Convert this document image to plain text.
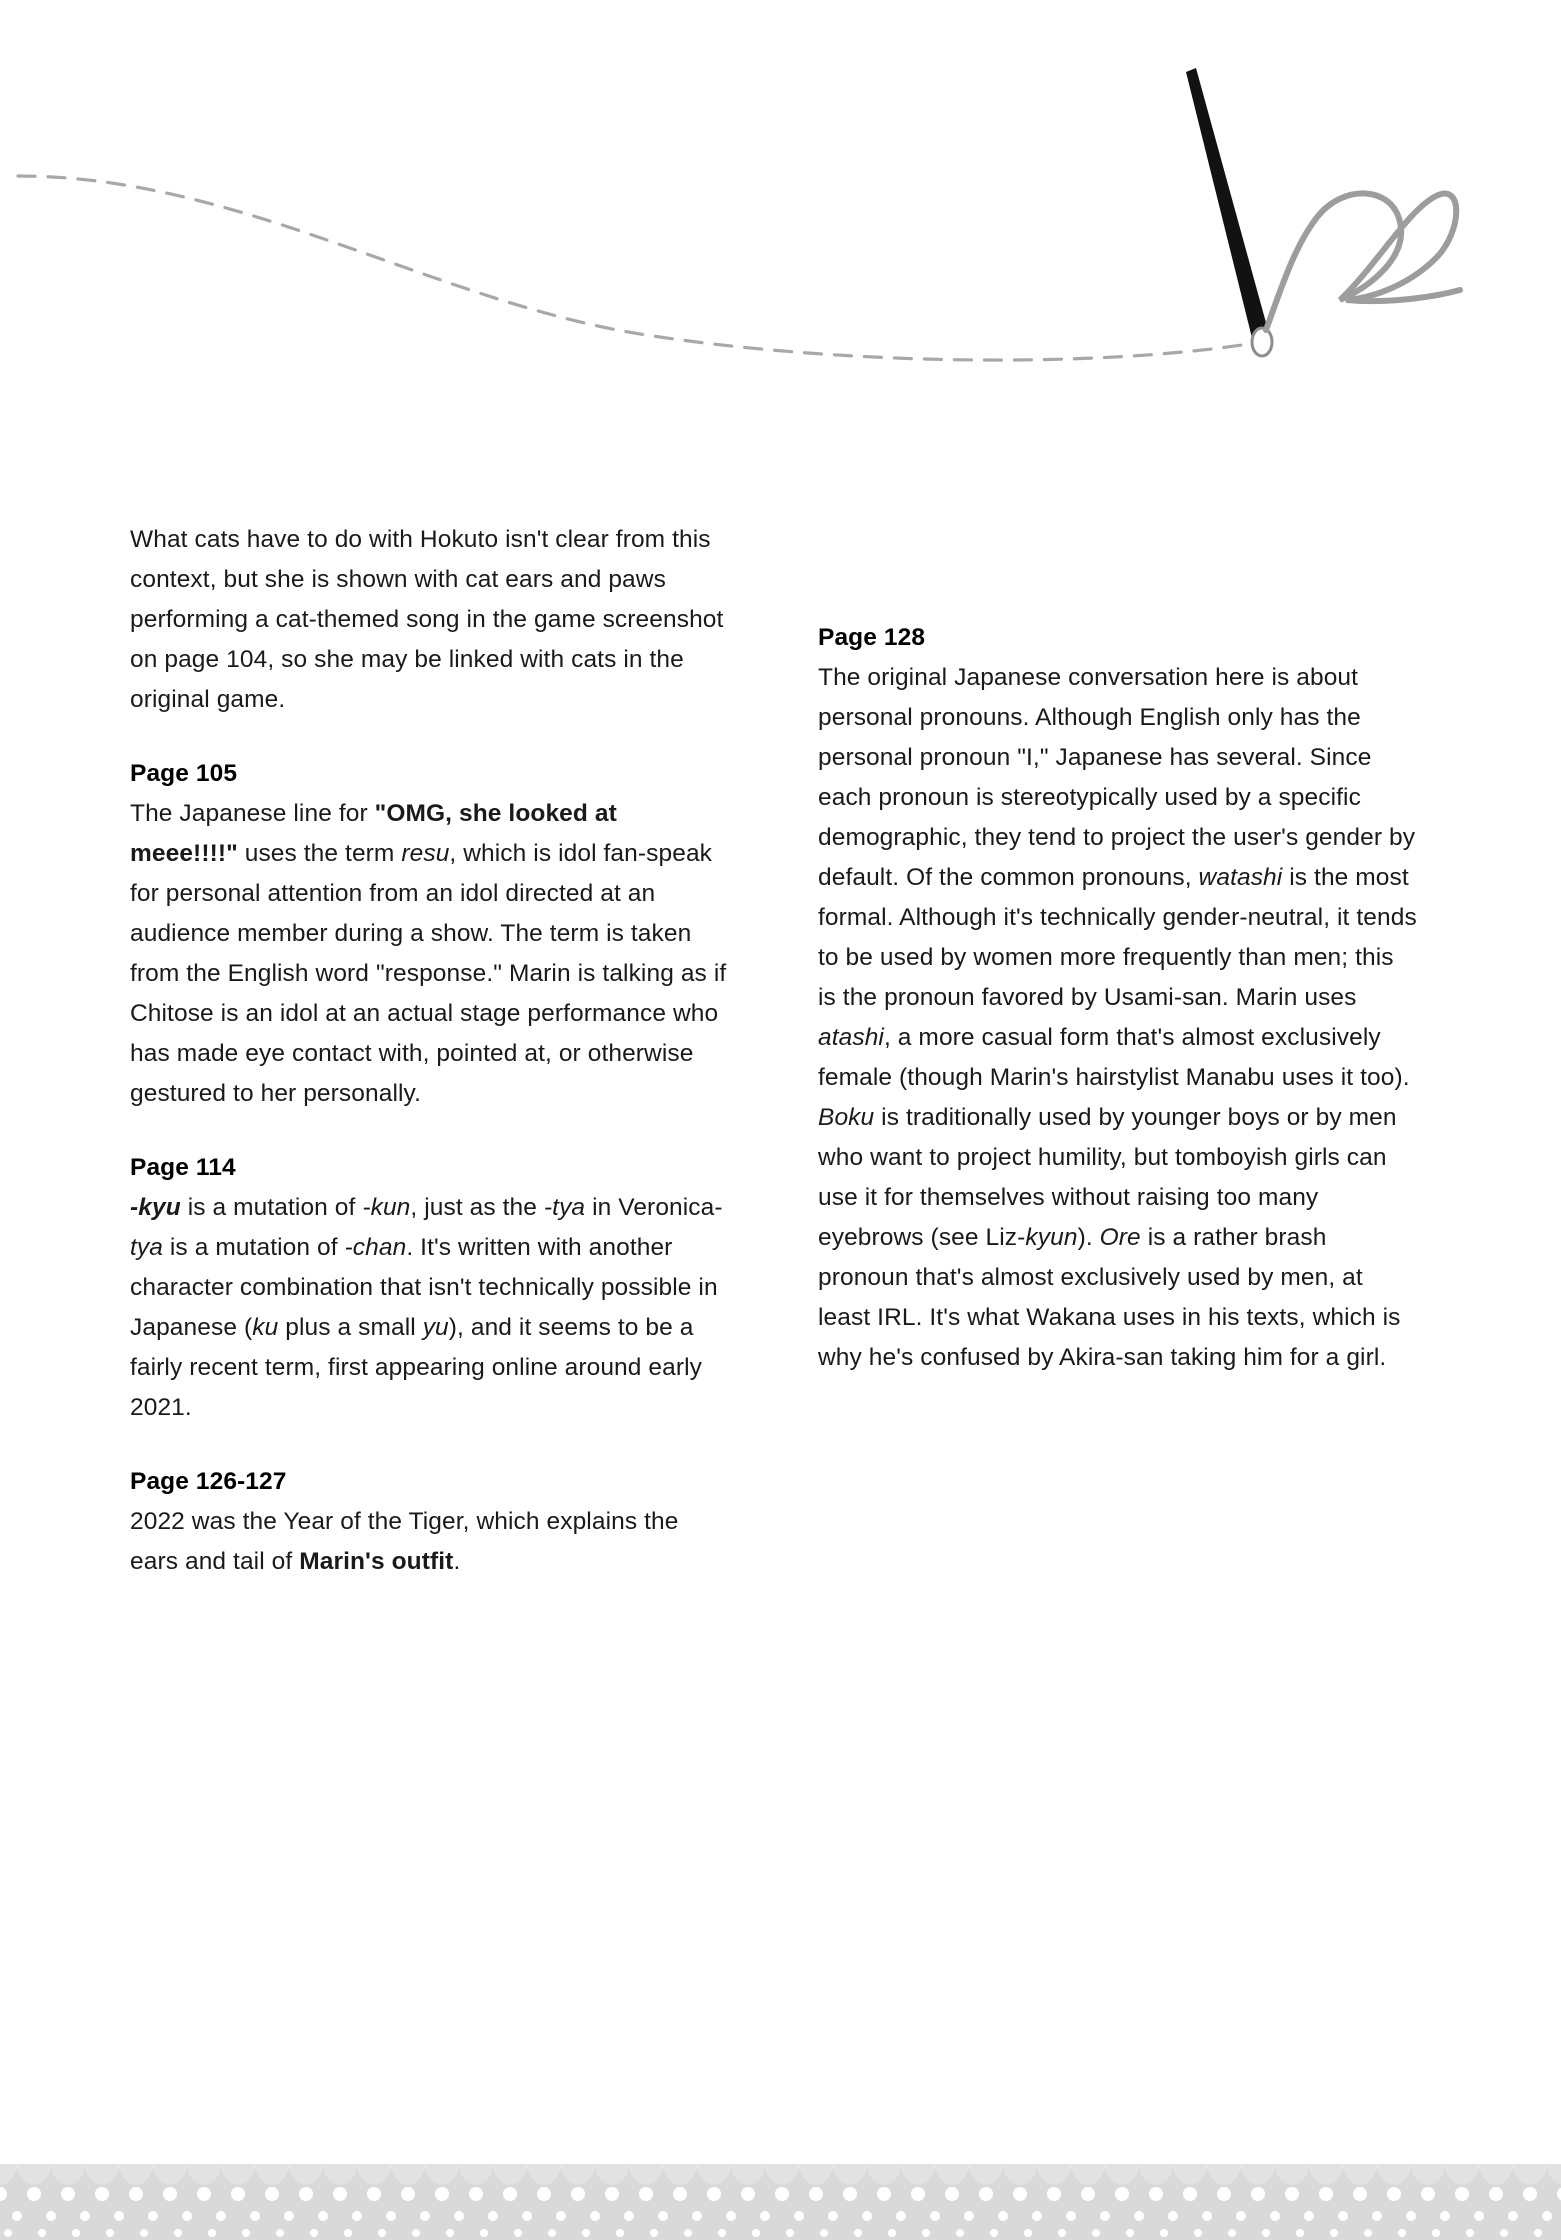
What cats have to do with Hokuto isn't clear from this context, but she is shown with cat ears and paws performing a cat-themed song in the game screenshot on page 104, so she may be linked with cats in the original game.

Page 105

The Japanese line for "OMG, she looked at meee!!!!" uses the term resu, which is idol fan-speak for personal attention from an idol directed at an audience member during a show. The term is taken from the English word "response." Marin is talking as if Chitose is an idol at an actual stage performance who has made eye contact with, pointed at, or otherwise gestured to her personally.

Page 114

-kyu is a mutation of -kun, just as the -tya in Veronica-tya is a mutation of -chan. It's written with another character combination that isn't technically possible in Japanese (ku plus a small yu), and it seems to be a fairly recent term, first appearing online around early 2021.

Page 126-127

2022 was the Year of the Tiger, which explains the ears and tail of Marin's outfit.

Page 128

The original Japanese conversation here is about personal pronouns. Although English only has the personal pronoun "I," Japanese has several. Since each pronoun is stereotypically used by a specific demographic, they tend to project the user's gender by default. Of the common pronouns, watashi is the most formal. Although it's technically gender-neutral, it tends to be used by women more frequently than men; this is the pronoun favored by Usami-san. Marin uses atashi, a more casual form that's almost exclusively female (though Marin's hairstylist Manabu uses it too). Boku is traditionally used by younger boys or by men who want to project humility, but tomboyish girls can use it for themselves without raising too many eyebrows (see Liz-kyun). Ore is a rather brash pronoun that's almost exclusively used by men, at least IRL. It's what Wakana uses in his texts, which is why he's confused by Akira-san taking him for a girl.
